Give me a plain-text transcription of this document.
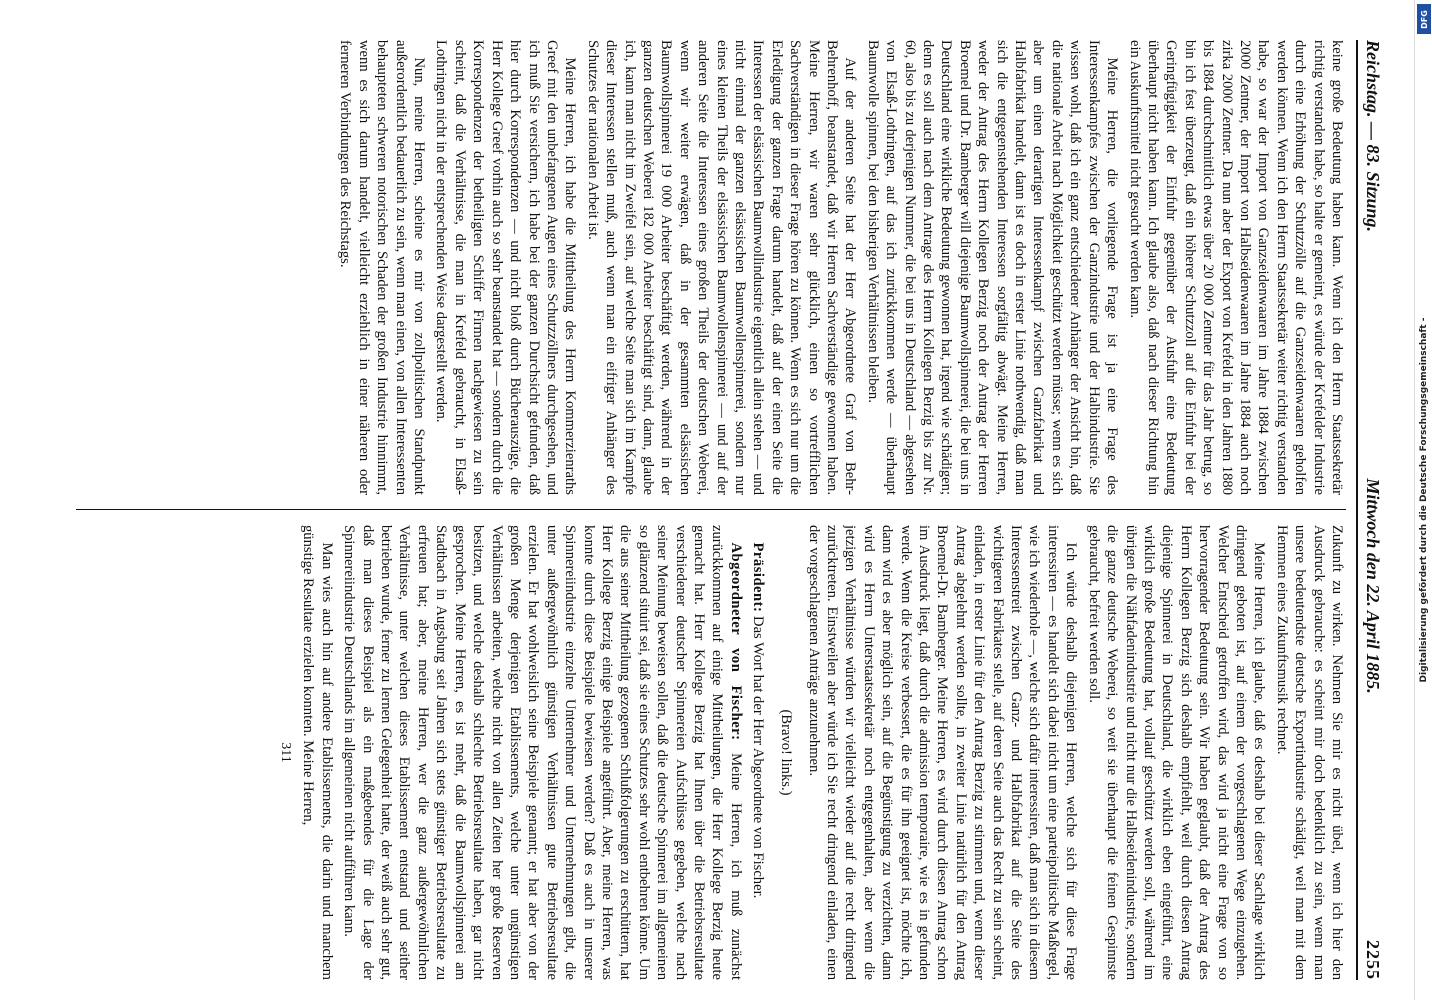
Reichstag. — 83. Sitzung.
Mittwoch den 22. April 1885.
2255

keine große Bedeutung haben kann. Wenn ich den Herrn Staatssekretär richtig verstanden habe, so halte er gemeint, es würde der Krefelder Industrie durch eine Erhöhung der Schutzzölle auf die Ganzseidenwaaren geholfen werden können. Wenn ich den Herrn Staatssekretär weiter richtig verstanden habe, so war der Import von Ganzseidenwaaren im Jahre 1884 zwischen 2000 Zentner, der Import von Halbseidenwaaren im Jahre 1884 auch noch zirka 2000 Zentner. Da nun aber der Export von Krefeld in den Jahren 1880 bis 1884 durchschnittlich etwas über 20 000 Zentner für das Jahr betrug, so bin ich fest überzeugt, daß ein höherer Schutzzoll auf die Einfuhr bei der Geringfügigkeit der Einfuhr gegenüber der Ausfuhr eine Bedeutung überhaupt nicht haben kann. Ich glaube also, daß nach dieser Richtung hin ein Auskunftsmittel nicht gesucht werden kann.

Meine Herren, die vorliegende Frage ist ja eine Frage des Interessenkampfes zwischen der Ganzindustrie und der Halbindustrie. Sie wissen wohl, daß ich ein ganz entschiedener Anhänger der Ansicht bin, daß die nationale Arbeit nach Möglichkeit geschützt werden müsse; wenn es sich aber um einen derartigen Interessenkampf zwischen Ganzfabrikat und Halbfabrikat handelt, dann ist es doch in erster Linie nothwendig, daß man sich die entgegenstehenden Interessen sorgfältig abwägt. Meine Herren, weder der Antrag des Herrn Kollegen Berzig noch der Antrag der Herren Broemel und Dr. Bamberger will diejenige Baumwollspinnerei, die bei uns in Deutschland eine wirkliche Bedeutung gewonnen hat, irgend wie schädigen; denn es soll auch nach dem Antrage des Herrn Kollegen Berzig bis zur Nr. 60, also bis zu derjenigen Nummer, die bei uns in Deutschland — abgesehen von Elsaß-Lothringen, auf das ich zurückkommen werde — überhaupt Baumwolle spinnen, bei den bisherigen Verhältnissen bleiben.

Auf der anderen Seite hat der Herr Abgeordnete Graf von Behr-Behrenhoff, beanstandet, daß wir Herren Sachverständige gewonnen haben. Meine Herren, wir waren sehr glücklich, einen so vortrefflichen Sachverständigen in dieser Frage hören zu können. Wenn es sich nur um die Erledigung der ganzen Frage darum handelt, daß auf der einen Seite die Interessen der elsässischen Baumwollindustrie eigentlich allein stehen — und nicht einmal der ganzen elsässischen Baumwollenspinnerei, sondern nur eines kleinen Theils der elsässischen Baumwollenspinnerei — und auf der anderen Seite die Interessen eines großen Theils der deutschen Weberei, wenn wir weiter erwägen, daß in der gesammten elsässischen Baumwollspinnerei 19 000 Arbeiter beschäftigt werden, während in der ganzen deutschen Weberei 182 000 Arbeiter beschäftigt sind, dann, glaube ich, kann man nicht im Zweifel sein, auf welche Seite man sich im Kampfe dieser Interessen stellen muß, auch wenn man ein eifriger Anhänger des Schutzes der nationalen Arbeit ist.

Meine Herren, ich habe die Mittheilung des Herrn Kommerzienraths Greef mit den unbefangenen Augen eines Schutzzöllners durchgesehen, und ich muß Sie versichern, ich habe bei der ganzen Durchsicht gefunden, daß hier durch Korrespondenzen — und nicht bloß durch Bücherauszüge, die Herr Kollege Greef vorhin auch so sehr beanstandet hat — sondern durch die Korrespondenzen der betheiligten Schiffer Firmen nachgewiesen zu sein scheint, daß die Verhältnisse, die man in Krefeld gebraucht, in Elsaß-Lothringen nicht in der entsprechenden Weise dargestellt werden.

Nun, meine Herren, scheine es mir von zollpolitischen Standpunkt außerordentlich bedauerlich zu sein, wenn man einen, von allen Interessenten behaupteten schweren notorischen Schaden der großen Industrie hinnimmt, wenn es sich darum handelt, vielleicht erziehlich in einer näheren oder ferneren Verbindungen des Reichstags.

Zukunft zu wirken. Nehmen Sie mir es nicht übel, wenn ich hier den Ausdruck gebrauche: es scheint mir doch bedenklich zu sein, wenn man unsere bedeutendste deutsche Exportindustrie schädigt, weil man mit dem Hemmen eines Zukunftsmusik rechnet.

Meine Herren, ich glaube, daß es deshalb bei dieser Sachlage wirklich dringend geboten ist, auf einem der vorgeschlagenen Wege einzugehen. Welcher Entscheid getroffen wird, das wird ja nicht eine Frage von so hervorragender Bedeutung sein. Wir haben geglaubt, daß der Antrag des Herrn Kollegen Berzig sich deshalb empfiehlt, weil durch diesen Antrag diejenige Spinnerei in Deutschland, die wirklich eben eingeführt, eine wirklich große Bedeutung hat, vollauf geschützt werden soll, während im übrigen die Nähfadenindustrie und nicht nur die Halbseidenindustrie, sondern die ganze deutsche Weberei, so weit sie überhaupt die feinen Gespinnste gebraucht, befreit werden soll.

Ich würde deshalb diejenigen Herren, welche sich für diese Frage interessiren — es handelt sich dabei nicht um eine parteipolitische Maßregel, wie ich wiederhole —, welche sich dafür interessiren, daß man sich in diesem Interessenstreit zwischen Ganz- und Halbfabrikat auf die Seite des wichtigeren Fabrikates stelle, auf deren Seite auch das Recht zu sein scheint, einladen, in erster Linie für den Antrag Berzig zu stimmen und, wenn dieser Antrag abgelehnt werden sollte, in zweiter Linie natürlich für den Antrag Broemel-Dr. Bamberger. Meine Herren, es wird durch diesen Antrag schon im Ausdruck liegt, daß durch die admission temporaire, wie es in gefunden werde. Wenn die Kreise verbessert, die es für ihn geeignet ist, möchte ich, dann wird es aber möglich sein, auf die Begünstigung zu verzichten, dann wird es Herrn Unterstaatssekretär noch entgegenhalten, aber wenn die jetzigen Verhältnisse würden wir vielleicht wieder auf die recht dringend zurücktreten. Einstweilen aber würde ich Sie recht dringend einladen, einen der vorgeschlagenen Anträge anzunehmen.

(Bravo! links.)

Präsident: Das Wort hat der Herr Abgeordnete von Fischer.

Abgeordneter von Fischer: Meine Herren, ich muß zunächst zurückkommen auf einige Mittheilungen, die Herr Kollege Berzig heute gemacht hat. Herr Kollege Berzig hat Ihnen über die Betriebsresultate verschiedener deutscher Spinnereien Aufschlüsse gegeben, welche nach seiner Meinung beweisen sollen, daß die deutsche Spinnerei im allgemeinen so glänzend situirt sei, daß sie eines Schutzes sehr wohl entbehren könne. Um die aus seiner Mittheilung gezogenen Schlußfolgerungen zu erschüttern, hat Herr Kollege Berzig einige Beispiele angeführt. Aber, meine Herren, was konnte durch diese Beispiele bewiesen werden? Daß es auch in unserer Spinnereiindustrie einzelne Unternehmer und Unternehmungen gibt, die unter außergewöhnlich günstigen Verhältnissen gute Betriebsresultate erzielen. Er hat wohlweislich seine Beispiele genannt; er hat aber von der großen Menge derjenigen Etablissements, welche unter ungünstigen Verhältnissen arbeiten, welche nicht von allen Zeiten her große Reserven besitzen, und welche deshalb schlechte Betriebsresultate haben, gar nicht gesprochen. Meine Herren, es ist mehr, daß die Baumwollspinnerei am Stadtbach in Augsburg seit Jahren sich stets günstiger Betriebsresultate zu erfreuen hat; aber, meine Herren, wer die ganz außergewöhnlichen Verhältnisse, unter welchen dieses Etablissement entstand und seither betrieben wurde, ferner zu lernen Gelegenheit hatte, der weiß auch sehr gut, daß man dieses Beispiel als ein maßgebendes für die Lage der Spinnereiindustrie Deutschlands im allgemeinen nicht aufführen kann.

Man wies auch hin auf andere Etablissements, die darin und manchem günstige Resultate erzielen konnten. Meine Herren,

311
DFG
Digitalisierung gefördert durch die Deutsche Forschungsgemeinschaft -
